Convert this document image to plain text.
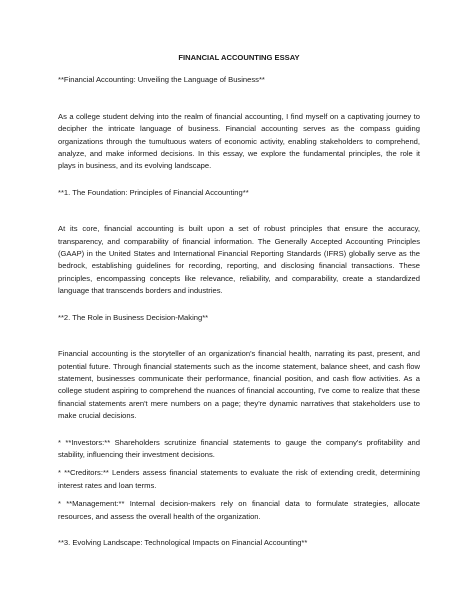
FINANCIAL ACCOUNTING ESSAY

**Financial Accounting: Unveiling the Language of Business**

As a college student delving into the realm of financial accounting, I find myself on a captivating journey to decipher the intricate language of business. Financial accounting serves as the compass guiding organizations through the tumultuous waters of economic activity, enabling stakeholders to comprehend, analyze, and make informed decisions. In this essay, we explore the fundamental principles, the role it plays in business, and its evolving landscape.

**1. The Foundation: Principles of Financial Accounting**

At its core, financial accounting is built upon a set of robust principles that ensure the accuracy, transparency, and comparability of financial information. The Generally Accepted Accounting Principles (GAAP) in the United States and International Financial Reporting Standards (IFRS) globally serve as the bedrock, establishing guidelines for recording, reporting, and disclosing financial transactions. These principles, encompassing concepts like relevance, reliability, and comparability, create a standardized language that transcends borders and industries.

**2. The Role in Business Decision-Making**

Financial accounting is the storyteller of an organization's financial health, narrating its past, present, and potential future. Through financial statements such as the income statement, balance sheet, and cash flow statement, businesses communicate their performance, financial position, and cash flow activities. As a college student aspiring to comprehend the nuances of financial accounting, I've come to realize that these financial statements aren't mere numbers on a page; they're dynamic narratives that stakeholders use to make crucial decisions.

* **Investors:** Shareholders scrutinize financial statements to gauge the company's profitability and stability, influencing their investment decisions.

* **Creditors:** Lenders assess financial statements to evaluate the risk of extending credit, determining interest rates and loan terms.

* **Management:** Internal decision-makers rely on financial data to formulate strategies, allocate resources, and assess the overall health of the organization.

**3. Evolving Landscape: Technological Impacts on Financial Accounting**
